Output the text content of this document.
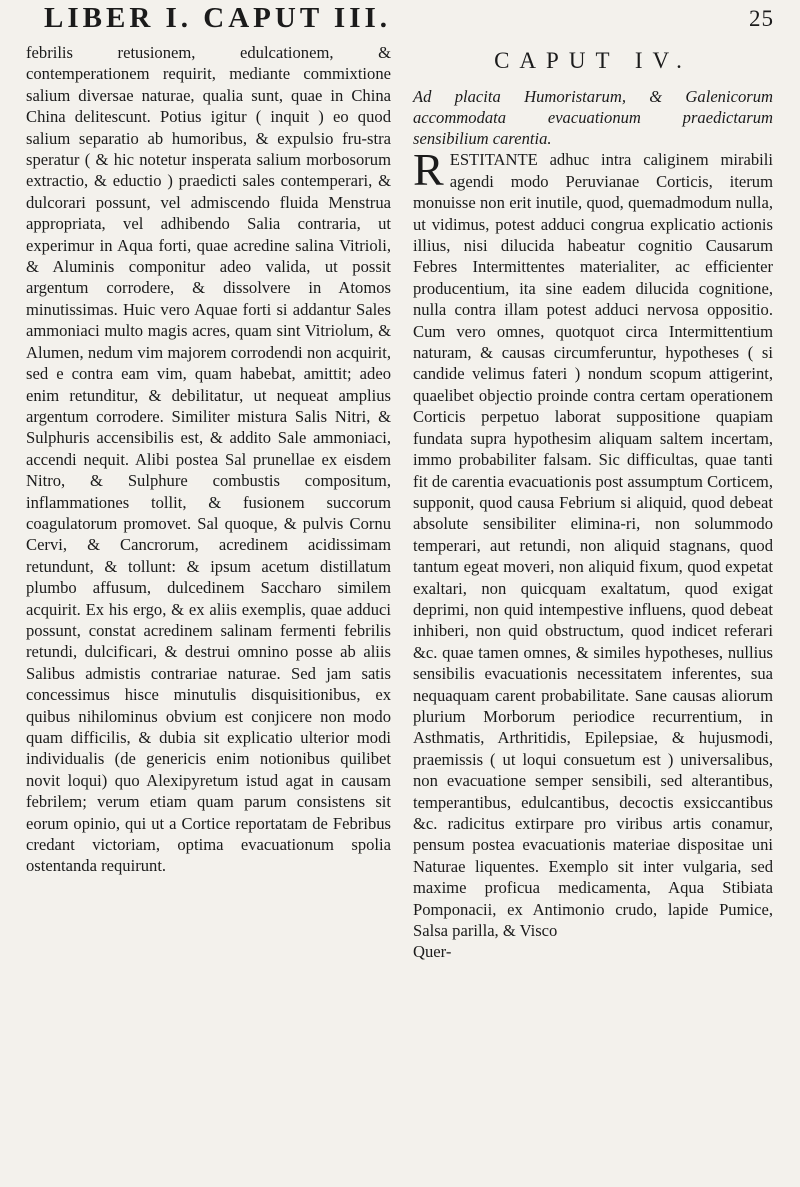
LIBER I. CAPUT III.	25

febrilis retusionem, edulcationem, & contemperationem requirit, mediante commixtione salium diversae naturae, qualia sunt, quae in China China delitescunt. Potius igitur ( inquit ) eo quod salium separatio ab humoribus, & expulsio fru-stra speratur ( & hic notetur insperata salium morbosorum extractio, & eductio ) praedicti sales contemperari, & dulcorari possunt, vel admiscendo fluida Menstrua appropriata, vel adhibendo Salia contraria, ut experimur in Aqua forti, quae acredine salina Vitrioli, & Aluminis componitur adeo valida, ut possit argentum corrodere, & dissolvere in Atomos minutissimas. Huic vero Aquae forti si addantur Sales ammoniaci multo magis acres, quam sint Vitriolum, & Alumen, nedum vim majorem corrodendi non acquirit, sed e contra eam vim, quam habebat, amittit; adeo enim retunditur, & debilitatur, ut nequeat amplius argentum corrodere. Similiter mistura Salis Nitri, & Sulphuris accensibilis est, & addito Sale ammoniaci, accendi nequit. Alibi postea Sal prunellae ex eisdem Nitro, & Sulphure combustis compositum, inflammationes tollit, & fusionem succorum coagulatorum promovet. Sal quoque, & pulvis Cornu Cervi, & Cancrorum, acredinem acidissimam retundunt, & tollunt: & ipsum acetum distillatum plumbo affusum, dulcedinem Saccharo similem acquirit. Ex his ergo, & ex aliis exemplis, quae adduci possunt, constat acredinem salinam fermenti febrilis retundi, dulcificari, & destrui omnino posse ab aliis Salibus admistis contrariae naturae. Sed jam satis concessimus hisce minutulis disquisitionibus, ex quibus nihilominus obvium est conjicere non modo quam difficilis, & dubia sit explicatio ulterior modi individualis (de genericis enim notionibus quilibet novit loqui) quo Alexipyretum istud agat in causam febrilem; verum etiam quam parum consistens sit eorum opinio, qui ut a Cortice reportatam de Febribus credant victoriam, optima evacuationum spolia ostentanda requirunt.

CAPUT IV.

Ad placita Humoristarum, & Galenicorum accommodata evacuationum praedictarum sensibilium carentia.

R ESTITANTE adhuc intra caliginem mirabili agendi modo Peruvianae Corticis, iterum monuisse non erit inutile, quod, quemadmodum nulla, ut vidimus, potest adduci congrua explicatio actionis illius, nisi dilucida habeatur cognitio Causarum Febres Intermittentes materialiter, ac efficienter producentium, ita sine eadem dilucida cognitione, nulla contra illam potest adduci nervosa oppositio. Cum vero omnes, quotquot circa Intermittentium naturam, & causas circumferuntur, hypotheses ( si candide velimus fateri ) nondum scopum attigerint, quaelibet objectio proinde contra certam operationem Corticis perpetuo laborat suppositione quapiam fundata supra hypothesim aliquam saltem incertam, immo probabiliter falsam. Sic difficultas, quae tanti fit de carentia evacuationis post assumptum Corticem, supponit, quod causa Febrium si aliquid, quod debeat absolute sensibiliter elimina-ri, non solummodo temperari, aut retundi, non aliquid stagnans, quod tantum egeat moveri, non aliquid fixum, quod expetat exaltari, non quicquam exaltatum, quod exigat deprimi, non quid intempestive influens, quod debeat inhiberi, non quid obstructum, quod indicet referari &c. quae tamen omnes, & similes hypotheses, nullius sensibilis evacuationis necessitatem inferentes, sua nequaquam carent probabilitate. Sane causas aliorum plurium Morborum periodice recurrentium, in Asthmatis, Arthritidis, Epilepsiae, & hujusmodi, praemissis ( ut loqui consuetum est ) universalibus, non evacuatione semper sensibili, sed alterantibus, temperantibus, edulcantibus, decoctis exsiccantibus &c. radicitus extirpare pro viribus artis conamur, pensum postea evacuationis materiae dispositae uni Naturae liquentes. Exemplo sit inter vulgaria, sed maxime proficua medicamenta, Aqua Stibiata Pomponacii, ex Antimonio crudo, lapide Pumice, Salsa parilla, & Visco

Quer-
